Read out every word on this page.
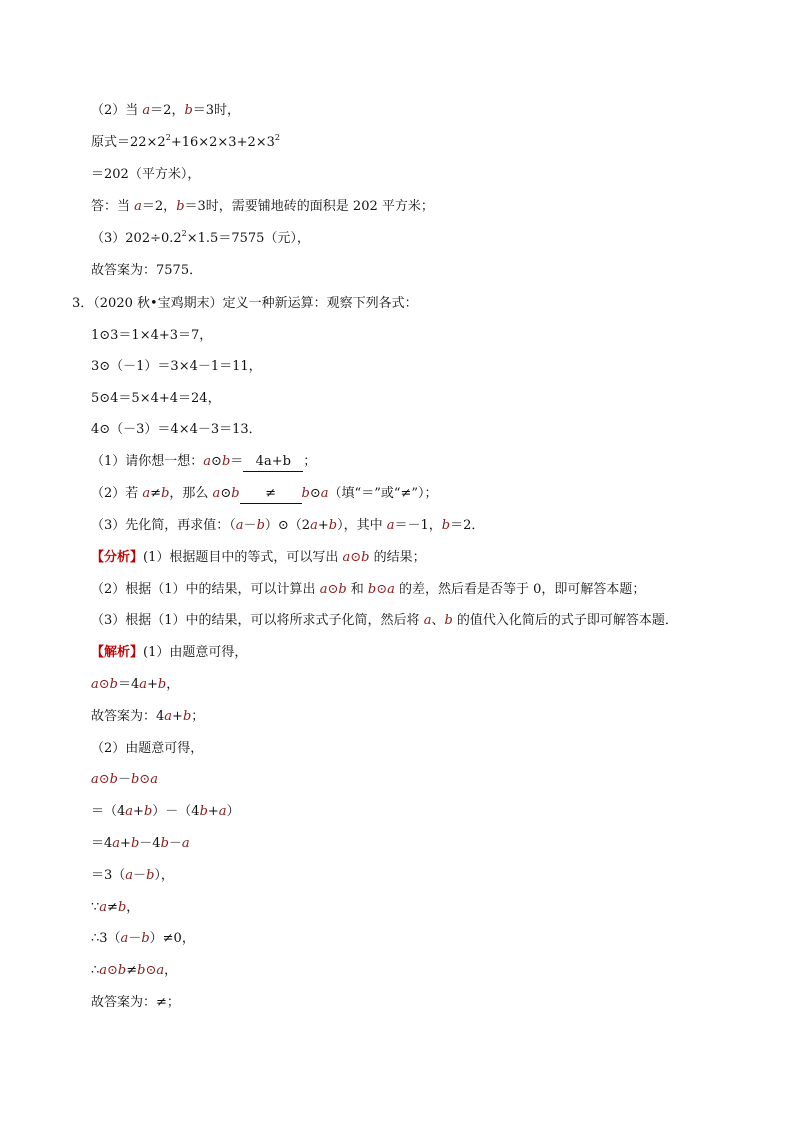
（2）当 a＝2，b＝3时，
原式$=22\times 2^2+16\times 2\times 3+2\times 3^2$
＝202（平方米），
答：当 a＝2，b＝3时，需要铺地砖的面积是 202 平方米；
$(3)202\div 0.2^2\times 1.5=7575$（元），
故答案为：7575．
3．（2020 秋•宝鸡期末）定义一种新运算：观察下列各式：
1⊙3＝1×4+3＝7，
3⊙（－1）＝3×4－1＝11，
5⊙4＝5×4+4＝24，
4⊙（－3）＝4×4－3＝13．
（1）请你想一想：a⊙b＝ 4a+b ；
（2）若 a≠b，那么 a⊙b ≠ b⊙a（填“＝”或“≠”）；
（3）先化简，再求值：（a－b）⊙（2a+b），其中 a＝－1，b＝2．
【分析】(1）根据题目中的等式，可以写出 a⊙b 的结果；
（2）根据（1）中的结果，可以计算出 a⊙b 和 b⊙a 的差，然后看是否等于 0，即可解答本题；
（3）根据（1）中的结果，可以将所求式子化简，然后将 a、b 的值代入化简后的式子即可解答本题．
【解析】(1）由题意可得，
a⊙b＝4a+b，
故答案为：4a+b；
（2）由题意可得，
a⊙b－b⊙a
＝（4a+b）－（4b+a）
＝4a+b－4b－a
＝3（a－b），
∵a≠b，
∴3（a－b）≠0，
∴a⊙b≠b⊙a，
故答案为：≠；
